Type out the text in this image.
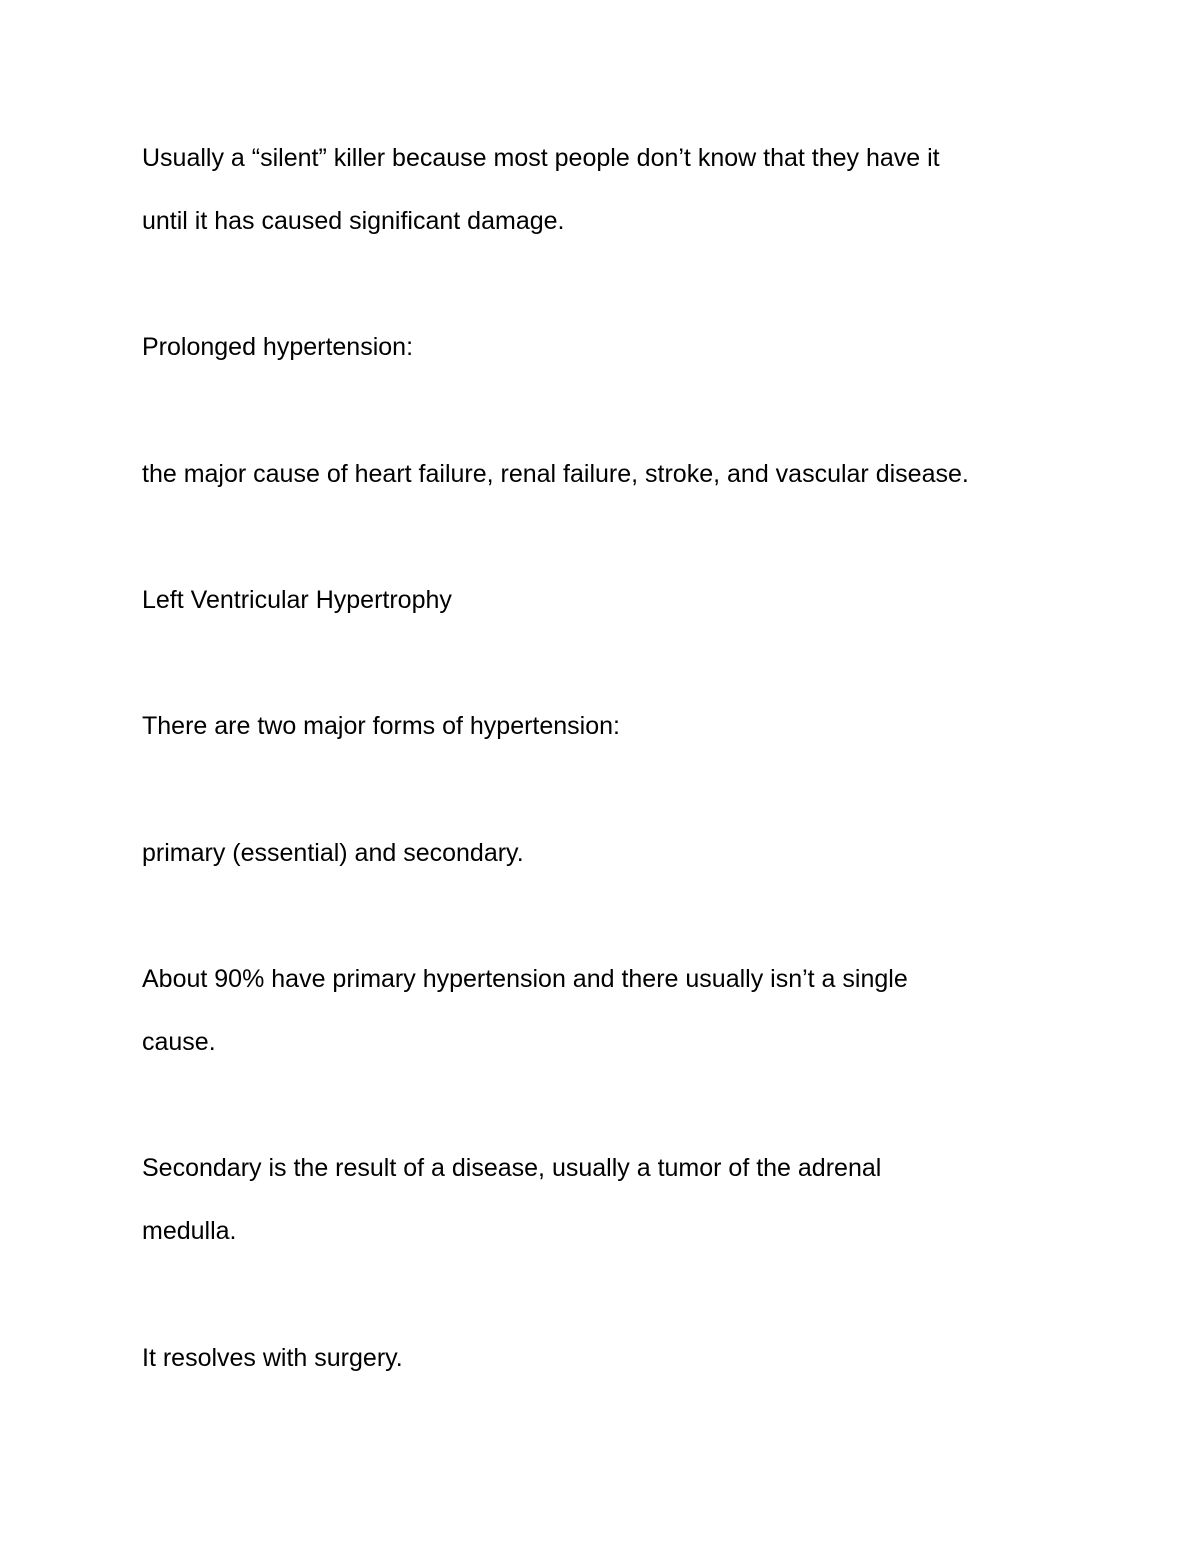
Usually a “silent” killer because most people don’t know that they have it
until it has caused significant damage.
Prolonged hypertension:
the major cause of heart failure, renal failure, stroke, and vascular disease.
Left Ventricular Hypertrophy
There are two major forms of hypertension:
primary (essential) and secondary.
About 90% have primary hypertension and there usually isn’t a single
cause.
Secondary is the result of a disease, usually a tumor of the adrenal
medulla.
It resolves with surgery.
